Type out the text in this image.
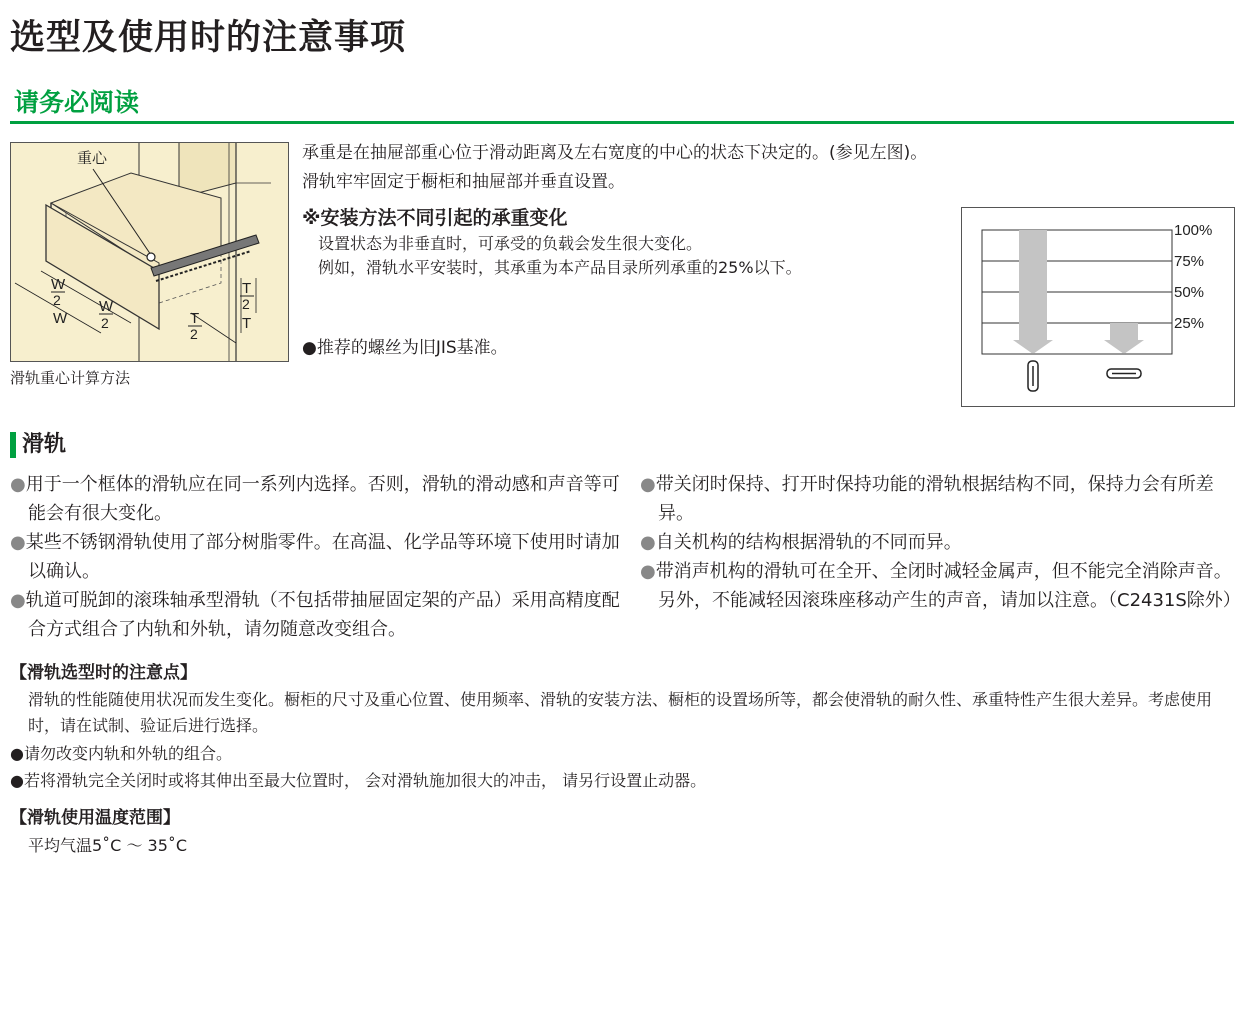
选型及使用时的注意事项
请务必阅读
重心
W
2
W
W
2
T
2
T
T
2
滑轨重心计算方法
承重是在抽屉部重心位于滑动距离及左右宽度的中心的状态下决定的。(参见左图)。
滑轨牢牢固定于橱柜和抽屉部并垂直设置。
※安装方法不同引起的承重变化
设置状态为非垂直时，可承受的负载会发生很大变化。
例如，滑轨水平安装时，其承重为本产品目录所列承重的25%以下。
●推荐的螺丝为旧JIS基准。
100%
75%
50%
25%
滑轨

●用于一个框体的滑轨应在同一系列内选择。否则，滑轨的滑动感和声音等可能会有很大变化。

●某些不锈钢滑轨使用了部分树脂零件。在高温、化学品等环境下使用时请加以确认。

●轨道可脱卸的滚珠轴承型滑轨（不包括带抽屉固定架的产品）采用高精度配合方式组合了内轨和外轨，请勿随意改变组合。

●带关闭时保持、打开时保持功能的滑轨根据结构不同，保持力会有所差异。

●自关机构的结构根据滑轨的不同而异。

●带消声机构的滑轨可在全开、全闭时减轻金属声，但不能完全消除声音。另外，不能减轻因滚珠座移动产生的声音，请加以注意。（C2431S除外）

【滑轨选型时的注意点】
滑轨的性能随使用状况而发生变化。橱柜的尺寸及重心位置、使用频率、滑轨的安装方法、橱柜的设置场所等，都会使滑轨的耐久性、承重特性产生很大差异。考虑使用时，请在试制、验证后进行选择。
●请勿改变内轨和外轨的组合。
●若将滑轨完全关闭时或将其伸出至最大位置时， 会对滑轨施加很大的冲击， 请另行设置止动器。
【滑轨使用温度范围】
平均气温5˚C ～ 35˚C
